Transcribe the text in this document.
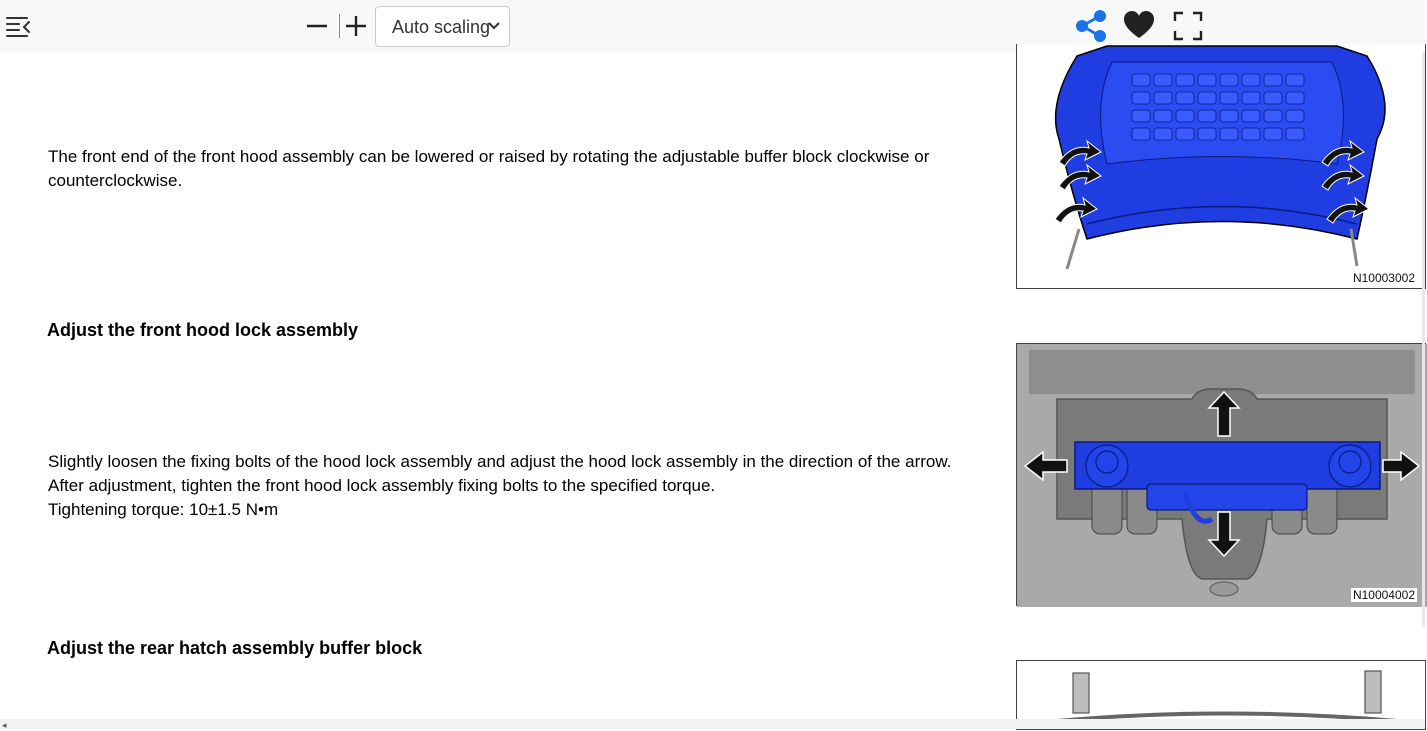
Auto scaling

The front end of the front hood assembly can be lowered or raised by rotating the adjustable buffer block clockwise or counterclockwise.

Adjust the front hood lock assembly
Slightly loosen the fixing bolts of the hood lock assembly and adjust the hood lock assembly in the direction of the arrow.
After adjustment, tighten the front hood lock assembly fixing bolts to the specified torque.
Tightening torque: 10±1.5 N•m
Adjust the rear hatch assembly buffer block
N10003002
N10004002
◂
